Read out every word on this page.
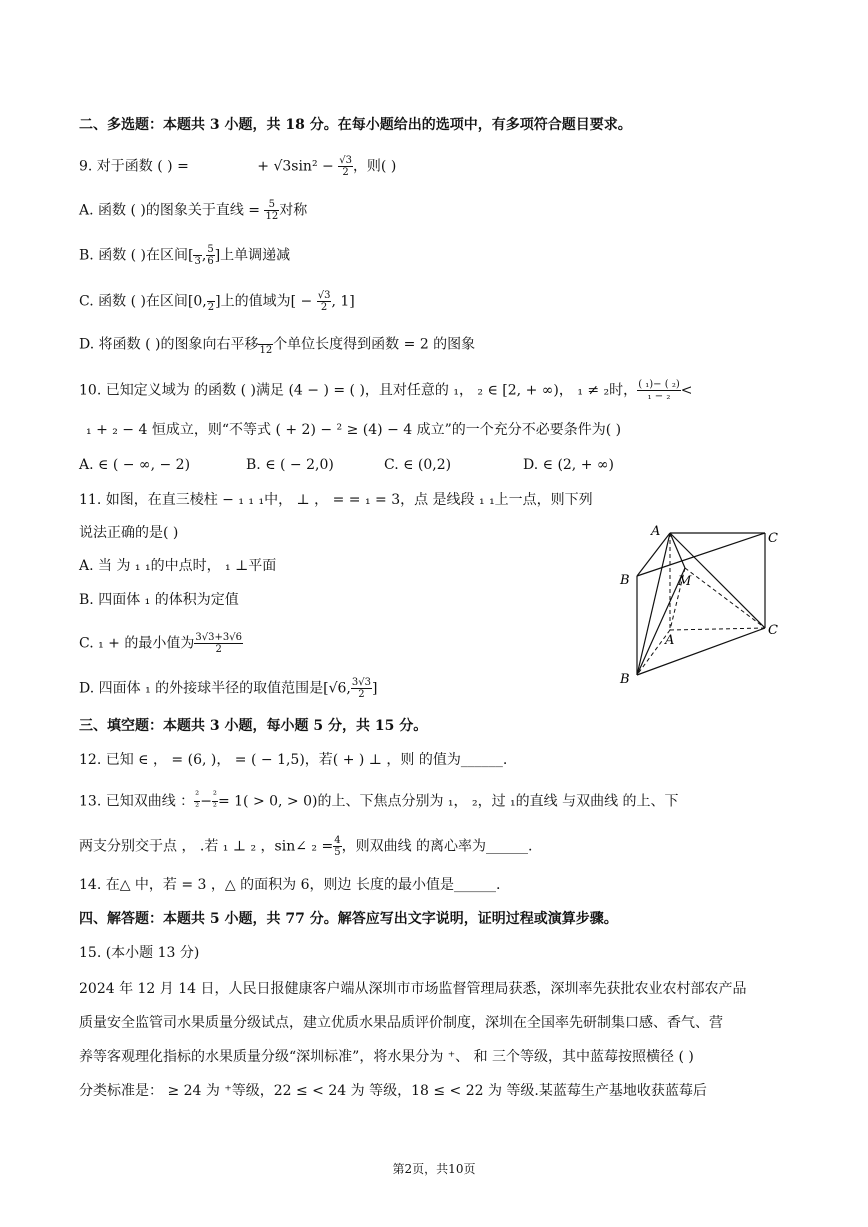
二、多选题：本题共 3 小题，共 18 分。在每小题给出的选项中，有多项符合题目要求。
9. 对于函数 ( ) =	+ $√3\sin^2 - \frac{√3}{2}$ ，则( )
A. 函数 ( )的图象关于直线 = $\frac{5}{12}$ 对称
B. 函数 ( )在区间[
3 , $\frac{5}{6}$ ]上单调递减
C. 函数 ( )在区间[0,
2 ]上的值域为[ − $\frac{√3}{2}$ , 1]
D. 将函数 ( )的图象向右平移
12 个单位长度得到函数 = 2 的图象
10. 已知定义域为 的函数 ( )满足 (4 − ) = ( )，且对任意的 ₁， ₂ ∈ [2, + ∞)， ₁ ≠ ₂时， $\frac{\text{( ₁)− ( ₂)}}{\text{₁ − ₂}}$ <
₁ + ₂ − 4 恒成立，则“不等式 ( + 2) − ² ≥ (4) − 4 成立”的一个充分不必要条件为( )
A. ∈ ( − ∞, − 2)	B. ∈ ( − 2,0)	C. ∈ (0,2)	D. ∈ (2, + ∞)
11. 如图，在直三棱柱 − ₁ ₁ ₁中， ⊥ ， = = ₁ = 3，点 是线段 ₁ ₁上一点，则下列
说法正确的是( )
A. 当 为 ₁ ₁的中点时， ₁ ⊥平面
B. 四面体 ₁ 的体积为定值
C. ₁ + 的最小值为 $\frac{3√3+3√6}{2}$
D. 四面体 ₁ 的外接球半径的取值范围是[√6, $\frac{3√3}{2}$ ]
A	C
B	M
A
C
B
三、填空题：本题共 3 小题，每小题 5 分，共 15 分。
12. 已知 ∈ ， = (6, )， = ( − 1,5)，若( + ) ⊥ ，则 的值为______.
13. 已知双曲线 ： $\frac{\text{²}}{\text{²}} - \frac{\text{²}}{\text{²}} = 1( > 0$, > 0)的上、下焦点分别为 ₁， ₂，过 ₁的直线 与双曲线 的上、下
两支分别交于点 ， .若 ₁ ⊥ ₂ ，sin∠ $_2 = \frac{4}{5}$ ，则双曲线 的离心率为______.
14. 在△ 中，若 = 3 ，△ 的面积为 6，则边 长度的最小值是______.
四、解答题：本题共 5 小题，共 77 分。解答应写出文字说明，证明过程或演算步骤。
15. (本小题 13 分)
2024 年 12 月 14 日，人民日报健康客户端从深圳市市场监督管理局获悉，深圳率先获批农业农村部农产品
质量安全监管司水果质量分级试点，建立优质水果品质评价制度，深圳在全国率先研制集口感、香气、营
养等客观理化指标的水果质量分级“深圳标准”，将水果分为 ⁺、 和 三个等级，其中蓝莓按照横径 ( )
分类标准是： ≥ 24 为 ⁺等级，22 ≤ < 24 为 等级，18 ≤ < 22 为 等级.某蓝莓生产基地收获蓝莓后
第2页，共10页
